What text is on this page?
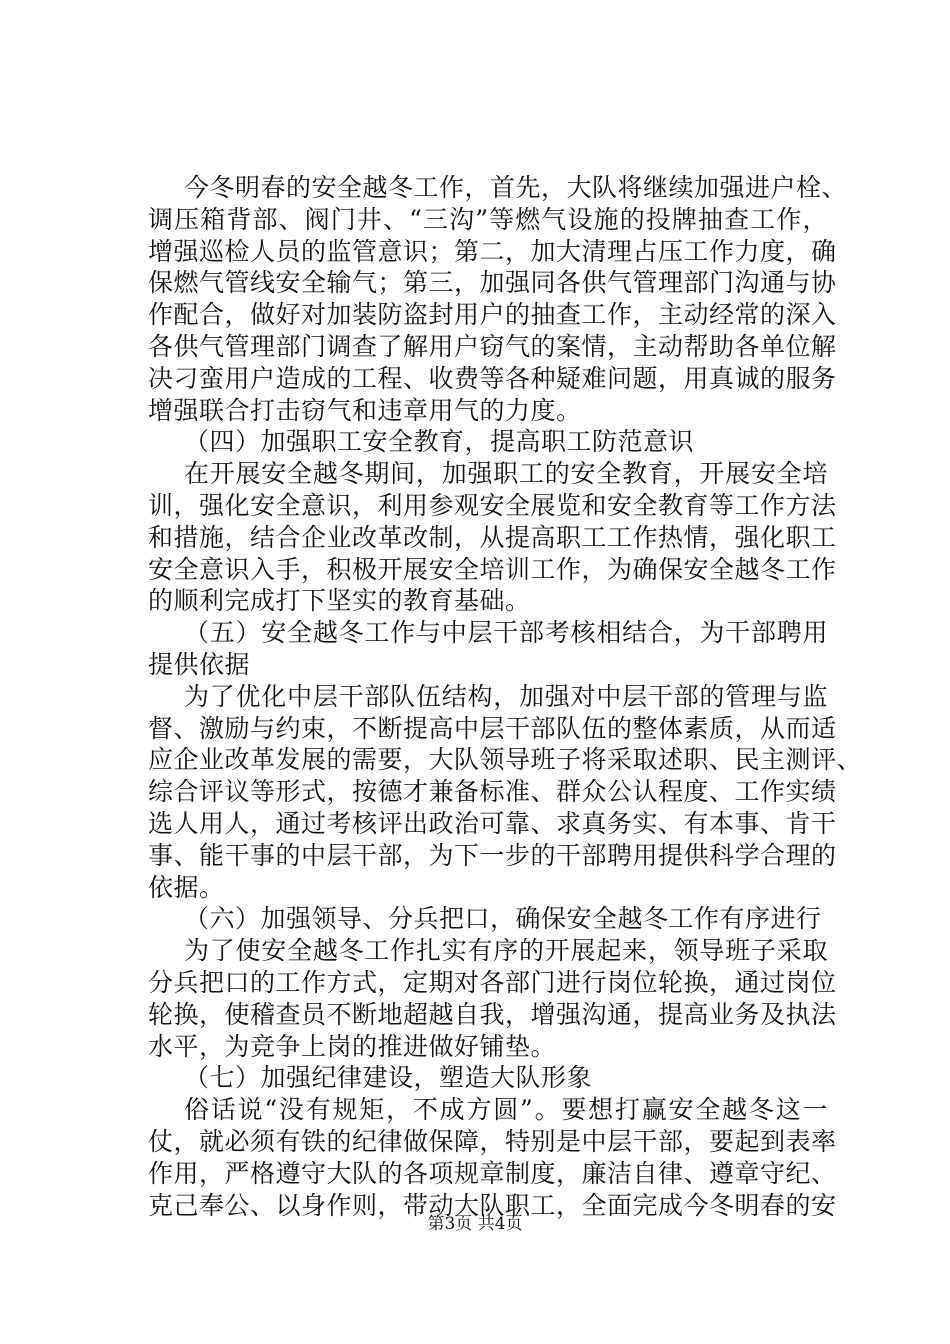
今冬明春的安全越冬工作，首先，大队将继续加强进户栓、
调压箱背部、阀门井、“三沟”等燃气设施的投牌抽查工作，
增强巡检人员的监管意识；第二，加大清理占压工作力度，确
保燃气管线安全输气；第三，加强同各供气管理部门沟通与协
作配合，做好对加装防盗封用户的抽查工作，主动经常的深入
各供气管理部门调查了解用户窃气的案情，主动帮助各单位解
决刁蛮用户造成的工程、收费等各种疑难问题，用真诚的服务
增强联合打击窃气和违章用气的力度。
（四）加强职工安全教育，提高职工防范意识
在开展安全越冬期间，加强职工的安全教育，开展安全培
训，强化安全意识，利用参观安全展览和安全教育等工作方法
和措施，结合企业改革改制，从提高职工工作热情，强化职工
安全意识入手，积极开展安全培训工作，为确保安全越冬工作
的顺利完成打下坚实的教育基础。
（五）安全越冬工作与中层干部考核相结合，为干部聘用
提供依据
为了优化中层干部队伍结构，加强对中层干部的管理与监
督、激励与约束，不断提高中层干部队伍的整体素质，从而适
应企业改革发展的需要，大队领导班子将采取述职、民主测评、
综合评议等形式，按德才兼备标准、群众公认程度、工作实绩
选人用人，通过考核评出政治可靠、求真务实、有本事、肯干
事、能干事的中层干部，为下一步的干部聘用提供科学合理的
依据。
（六）加强领导、分兵把口，确保安全越冬工作有序进行
为了使安全越冬工作扎实有序的开展起来，领导班子采取
分兵把口的工作方式，定期对各部门进行岗位轮换，通过岗位
轮换，使稽查员不断地超越自我，增强沟通，提高业务及执法
水平，为竞争上岗的推进做好铺垫。
（七）加强纪律建设，塑造大队形象
俗话说“没有规矩，不成方圆”。要想打赢安全越冬这一
仗，就必须有铁的纪律做保障，特别是中层干部，要起到表率
作用，严格遵守大队的各项规章制度，廉洁自律、遵章守纪、
克己奉公、以身作则，带动大队职工，全面完成今冬明春的安
第3页 共4页
